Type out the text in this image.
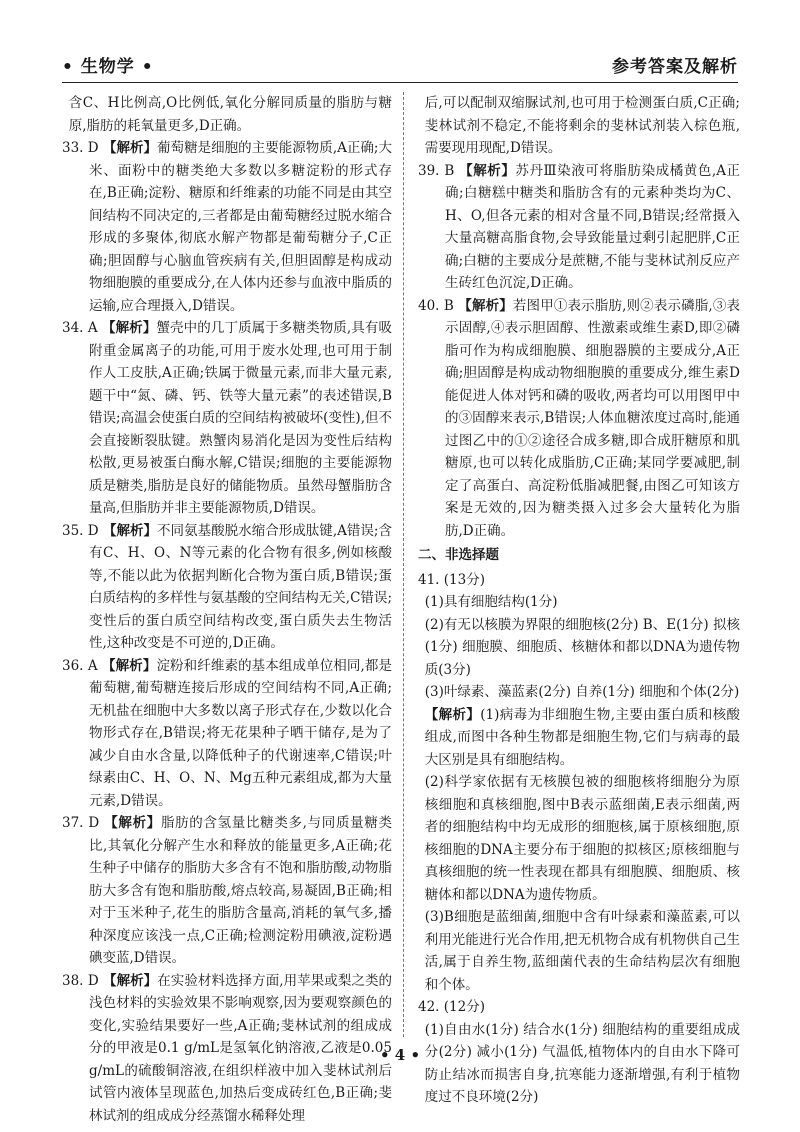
• 生物学 •	参考答案及解析

含C、H比例高,O比例低,氧化分解同质量的脂肪与糖原,脂肪的耗氧量更多,D正确。

33. D 【解析】葡萄糖是细胞的主要能源物质,A正确;大米、面粉中的糖类绝大多数以多糖淀粉的形式存在,B正确;淀粉、糖原和纤维素的功能不同是由其空间结构不同决定的,三者都是由葡萄糖经过脱水缩合形成的多聚体,彻底水解产物都是葡萄糖分子,C正确;胆固醇与心脑血管疾病有关,但胆固醇是构成动物细胞膜的重要成分,在人体内还参与血液中脂质的运输,应合理摄入,D错误。

34. A 【解析】蟹壳中的几丁质属于多糖类物质,具有吸附重金属离子的功能,可用于废水处理,也可用于制作人工皮肤,A正确;铁属于微量元素,而非大量元素,题干中“氮、磷、钙、铁等大量元素”的表述错误,B错误;高温会使蛋白质的空间结构被破坏(变性),但不会直接断裂肽键。熟蟹肉易消化是因为变性后结构松散,更易被蛋白酶水解,C错误;细胞的主要能源物质是糖类,脂肪是良好的储能物质。虽然母蟹脂肪含量高,但脂肪并非主要能源物质,D错误。

35. D 【解析】不同氨基酸脱水缩合形成肽键,A错误;含有C、H、O、N等元素的化合物有很多,例如核酸等,不能以此为依据判断化合物为蛋白质,B错误;蛋白质结构的多样性与氨基酸的空间结构无关,C错误;变性后的蛋白质空间结构改变,蛋白质失去生物活性,这种改变是不可逆的,D正确。

36. A 【解析】淀粉和纤维素的基本组成单位相同,都是葡萄糖,葡萄糖连接后形成的空间结构不同,A正确;无机盐在细胞中大多数以离子形式存在,少数以化合物形式存在,B错误;将无花果种子晒干储存,是为了减少自由水含量,以降低种子的代谢速率,C错误;叶绿素由C、H、O、N、Mg五种元素组成,都为大量元素,D错误。

37. D 【解析】脂肪的含氢量比糖类多,与同质量糖类比,其氧化分解产生水和释放的能量更多,A正确;花生种子中储存的脂肪大多含有不饱和脂肪酸,动物脂肪大多含有饱和脂肪酸,熔点较高,易凝固,B正确;相对于玉米种子,花生的脂肪含量高,消耗的氧气多,播种深度应该浅一点,C正确;检测淀粉用碘液,淀粉遇碘变蓝,D错误。

38. D 【解析】在实验材料选择方面,用苹果或梨之类的浅色材料的实验效果不影响观察,因为要观察颜色的变化,实验结果要好一些,A正确;斐林试剂的组成成分的甲液是0.1 g/mL是氢氧化钠溶液,乙液是0.05 g/mL的硫酸铜溶液,在组织样液中加入斐林试剂后试管内液体呈现蓝色,加热后变成砖红色,B正确;斐林试剂的组成成分经蒸馏水稀释处理

后,可以配制双缩脲试剂,也可用于检测蛋白质,C正确;斐林试剂不稳定,不能将剩余的斐林试剂装入棕色瓶,需要现用现配,D错误。

39. B 【解析】苏丹Ⅲ染液可将脂肪染成橘黄色,A正确;白糖糕中糖类和脂肪含有的元素种类均为C、H、O,但各元素的相对含量不同,B错误;经常摄入大量高糖高脂食物,会导致能量过剩引起肥胖,C正确;白糖的主要成分是蔗糖,不能与斐林试剂反应产生砖红色沉淀,D正确。

40. B 【解析】若图甲①表示脂肪,则②表示磷脂,③表示固醇,④表示胆固醇、性激素或维生素D,即②磷脂可作为构成细胞膜、细胞器膜的主要成分,A正确;胆固醇是构成动物细胞膜的重要成分,维生素D能促进人体对钙和磷的吸收,两者均可以用图甲中的③固醇来表示,B错误;人体血糖浓度过高时,能通过图乙中的①②途径合成多糖,即合成肝糖原和肌糖原,也可以转化成脂肪,C正确;某同学要减肥,制定了高蛋白、高淀粉低脂减肥餐,由图乙可知该方案是无效的,因为糖类摄入过多会大量转化为脂肪,D正确。

二、非选择题

41. (13分)

(1)具有细胞结构(1分)

(2)有无以核膜为界限的细胞核(2分) B、E(1分) 拟核(1分) 细胞膜、细胞质、核糖体和都以DNA为遗传物质(3分)

(3)叶绿素、藻蓝素(2分) 自养(1分) 细胞和个体(2分)

【解析】(1)病毒为非细胞生物,主要由蛋白质和核酸组成,而图中各种生物都是细胞生物,它们与病毒的最大区别是具有细胞结构。

(2)科学家依据有无核膜包被的细胞核将细胞分为原核细胞和真核细胞,图中B表示蓝细菌,E表示细菌,两者的细胞结构中均无成形的细胞核,属于原核细胞,原核细胞的DNA主要分布于细胞的拟核区;原核细胞与真核细胞的统一性表现在都具有细胞膜、细胞质、核糖体和都以DNA为遗传物质。

(3)B细胞是蓝细菌,细胞中含有叶绿素和藻蓝素,可以利用光能进行光合作用,把无机物合成有机物供自己生活,属于自养生物,蓝细菌代表的生命结构层次有细胞和个体。

42. (12分)

(1)自由水(1分) 结合水(1分) 细胞结构的重要组成成分(2分) 减小(1分) 气温低,植物体内的自由水下降可防止结冰而损害自身,抗寒能力逐渐增强,有利于植物度过不良环境(2分)

• 4 •
